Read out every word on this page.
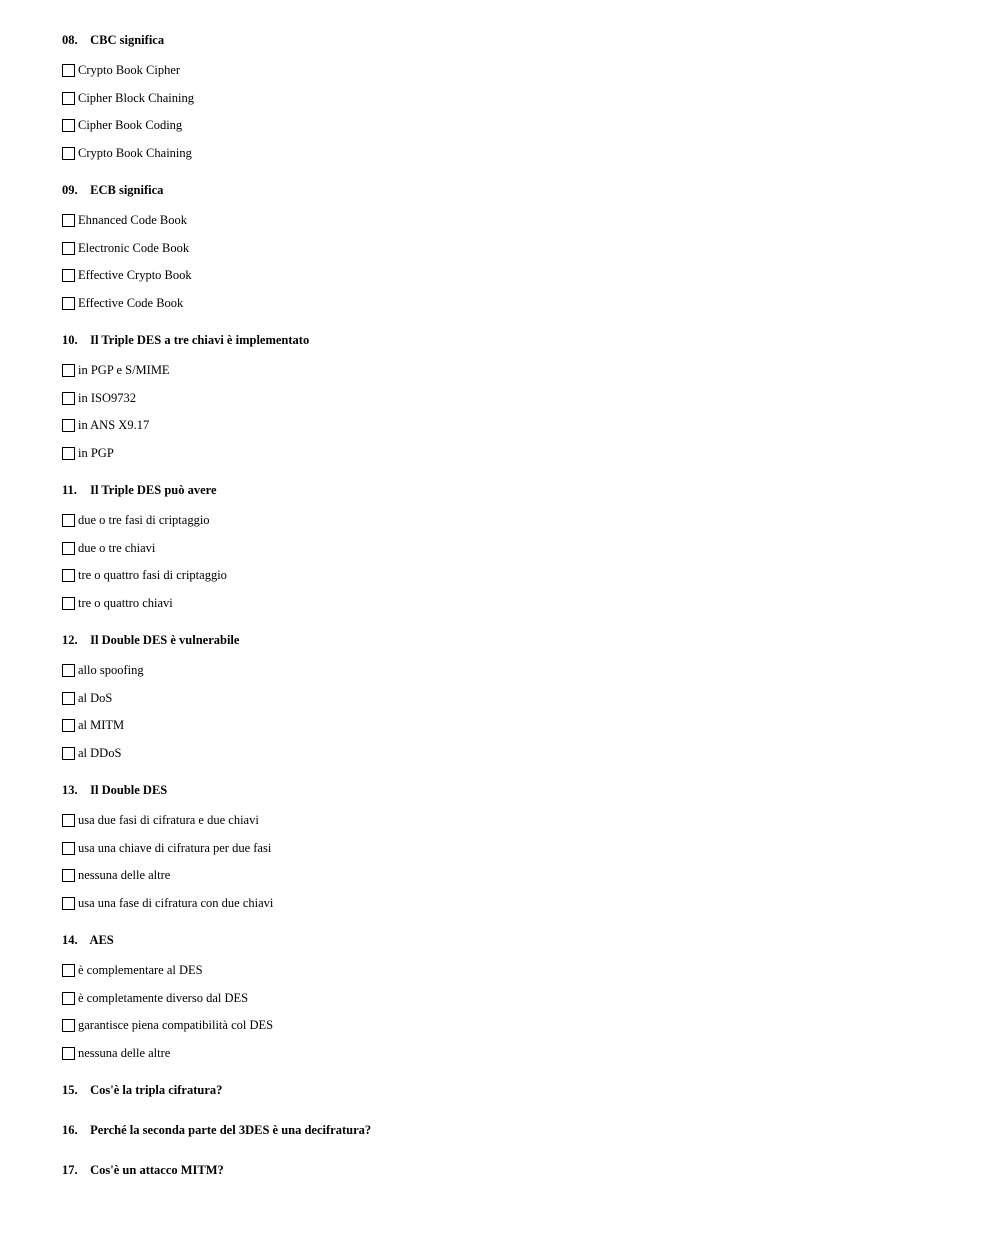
08. CBC significa
Crypto Book Cipher
Cipher Block Chaining
Cipher Book Coding
Crypto Book Chaining
09. ECB significa
Ehnanced Code Book
Electronic Code Book
Effective Crypto Book
Effective Code Book
10. Il Triple DES a tre chiavi è implementato
in PGP e S/MIME
in ISO9732
in ANS X9.17
in PGP
11. Il Triple DES può avere
due o tre fasi di criptaggio
due o tre chiavi
tre o quattro fasi di criptaggio
tre o quattro chiavi
12. Il Double DES è vulnerabile
allo spoofing
al DoS
al MITM
al DDoS
13. Il Double DES
usa due fasi di cifratura e due chiavi
usa una chiave di cifratura per due fasi
nessuna delle altre
usa una fase di cifratura con due chiavi
14. AES
è complementare al DES
è completamente diverso dal DES
garantisce piena compatibilità col DES
nessuna delle altre
15. Cos'è la tripla cifratura?
16. Perché la seconda parte del 3DES è una decifratura?
17. Cos'è un attacco MITM?
